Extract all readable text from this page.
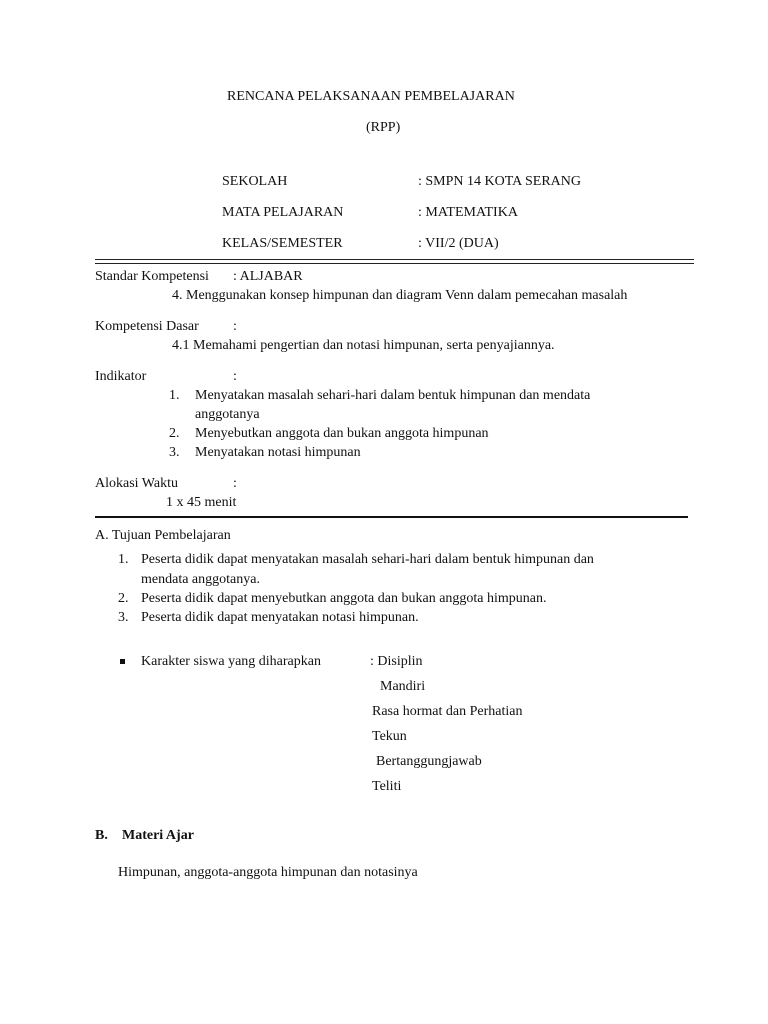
RENCANA PELAKSANAAN PEMBELAJARAN
(RPP)
SEKOLAH	: SMPN 14 KOTA SERANG
MATA PELAJARAN	: MATEMATIKA
KELAS/SEMESTER	: VII/2 (DUA)
Standar Kompetensi : ALJABAR
4. Menggunakan konsep himpunan dan diagram Venn dalam pemecahan masalah
Kompetensi Dasar :
4.1 Memahami pengertian dan notasi himpunan, serta penyajiannya.
Indikator	:
1. Menyatakan masalah sehari-hari dalam bentuk himpunan dan mendata
anggotanya
2. Menyebutkan anggota dan bukan anggota himpunan
3. Menyatakan notasi himpunan
Alokasi Waktu	:
1 x 45 menit
A. Tujuan Pembelajaran
1. Peserta didik dapat menyatakan masalah sehari-hari dalam bentuk himpunan dan
mendata anggotanya.
2. Peserta didik dapat menyebutkan anggota dan bukan anggota himpunan.
3. Peserta didik dapat menyatakan notasi himpunan.
Karakter siswa yang diharapkan	: Disiplin
Mandiri
Rasa hormat dan Perhatian
Tekun
Bertanggungjawab
Teliti
B. Materi Ajar
Himpunan, anggota-anggota himpunan dan notasinya
